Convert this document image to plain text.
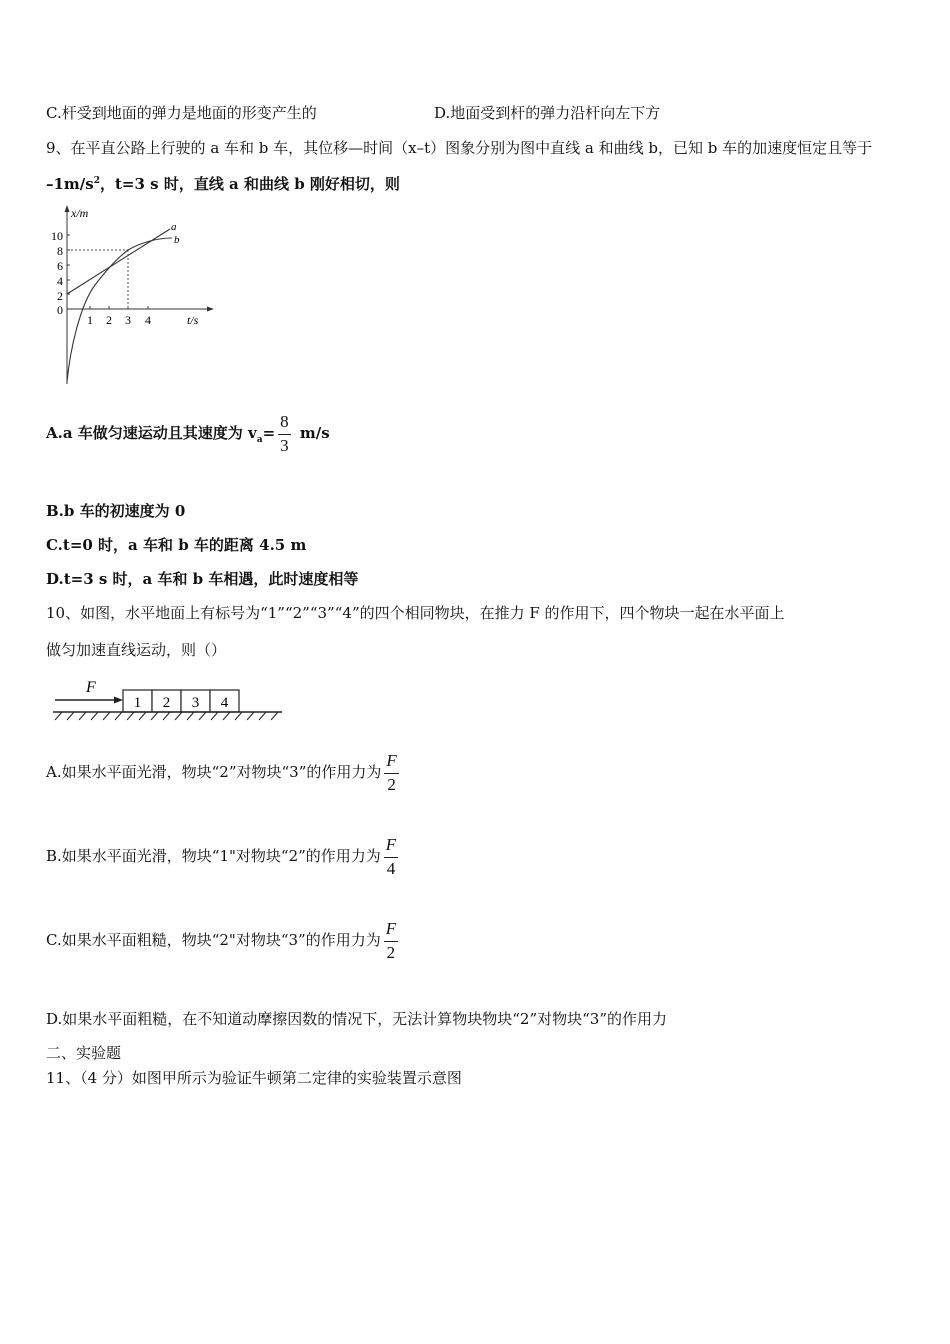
C.杆受到地面的弹力是地面的形变产生的	D.地面受到杆的弹力沿杆向左下方
9、在平直公路上行驶的 a 车和 b 车，其位移—时间（x–t）图象分别为图中直线 a 和曲线 b，已知 b 车的加速度恒定且等于
$-1m/s^2$，t=3 s 时，直线 a 和曲线 b 刚好相切，则
x/m
t/s
10
8
6
4
2
0
1 2 3 4
a
b
A.a 车做匀速运动且其速度为 $v_a= \frac{8}{3} m/s$
B.b 车的初速度为 0
C.t=0 时，a 车和 b 车的距离 4.5 m
D.t=3 s 时，a 车和 b 车相遇，此时速度相等
10、如图，水平地面上有标号为“1”“2”“3”“4”的四个相同物块，在推力 F 的作用下，四个物块一起在水平面上
做匀加速直线运动，则（）
F
1 2 3 4
A.如果水平面光滑，物块“2”对物块“3”的作用力为 $\frac{F}{2}$
B.如果水平面光滑，物块“1"对物块“2”的作用力为 $\frac{F}{4}$
C.如果水平面粗糙，物块“2"对物块“3”的作用力为 $\frac{F}{2}$
D.如果水平面粗糙，在不知道动摩擦因数的情况下，无法计算物块物块“2”对物块“3”的作用力
二、实验题
11、（4 分）如图甲所示为验证牛顿第二定律的实验装置示意图
